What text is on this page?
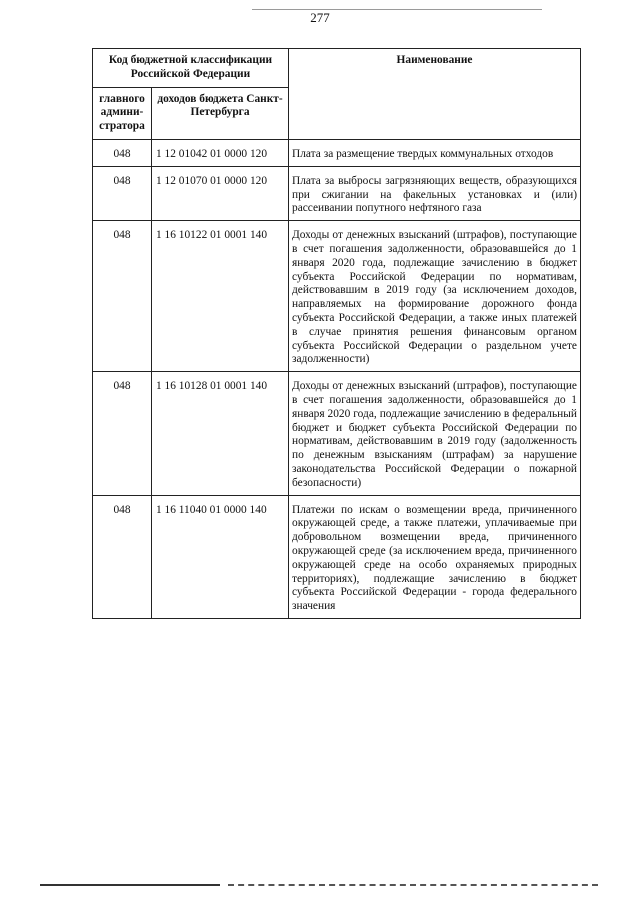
277
Код бюджетной классификации Российской Федерации		Наименование
главного админи-стратора	доходов бюджета Санкт-Петербурга	
048	1 12 01042 01 0000 120	Плата за размещение твердых коммунальных отходов
048	1 12 01070 01 0000 120	Плата за выбросы загрязняющих веществ, образующихся при сжигании на факельных установках и (или) рассеивании попутного нефтяного газа
048	1 16 10122 01 0001 140	Доходы от денежных взысканий (штрафов), поступающие в счет погашения задолженности, образовавшейся до 1 января 2020 года, подлежащие зачислению в бюджет субъекта Российской Федерации по нормативам, действовавшим в 2019 году (за исключением доходов, направляемых на формирование дорожного фонда субъекта Российской Федерации, а также иных платежей в случае принятия решения финансовым органом субъекта Российской Федерации о раздельном учете задолженности)
048	1 16 10128 01 0001 140	Доходы от денежных взысканий (штрафов), поступающие в счет погашения задолженности, образовавшейся до 1 января 2020 года, подлежащие зачислению в федеральный бюджет и бюджет субъекта Российской Федерации по нормативам, действовавшим в 2019 году (задолженность по денежным взысканиям (штрафам) за нарушение законодательства Российской Федерации о пожарной безопасности)
048	1 16 11040 01 0000 140	Платежи по искам о возмещении вреда, причиненного окружающей среде, а также платежи, уплачиваемые при добровольном возмещении вреда, причиненного окружающей среде (за исключением вреда, причиненного окружающей среде на особо охраняемых природных территориях), подлежащие зачислению в бюджет субъекта Российской Федерации - города федерального значения
